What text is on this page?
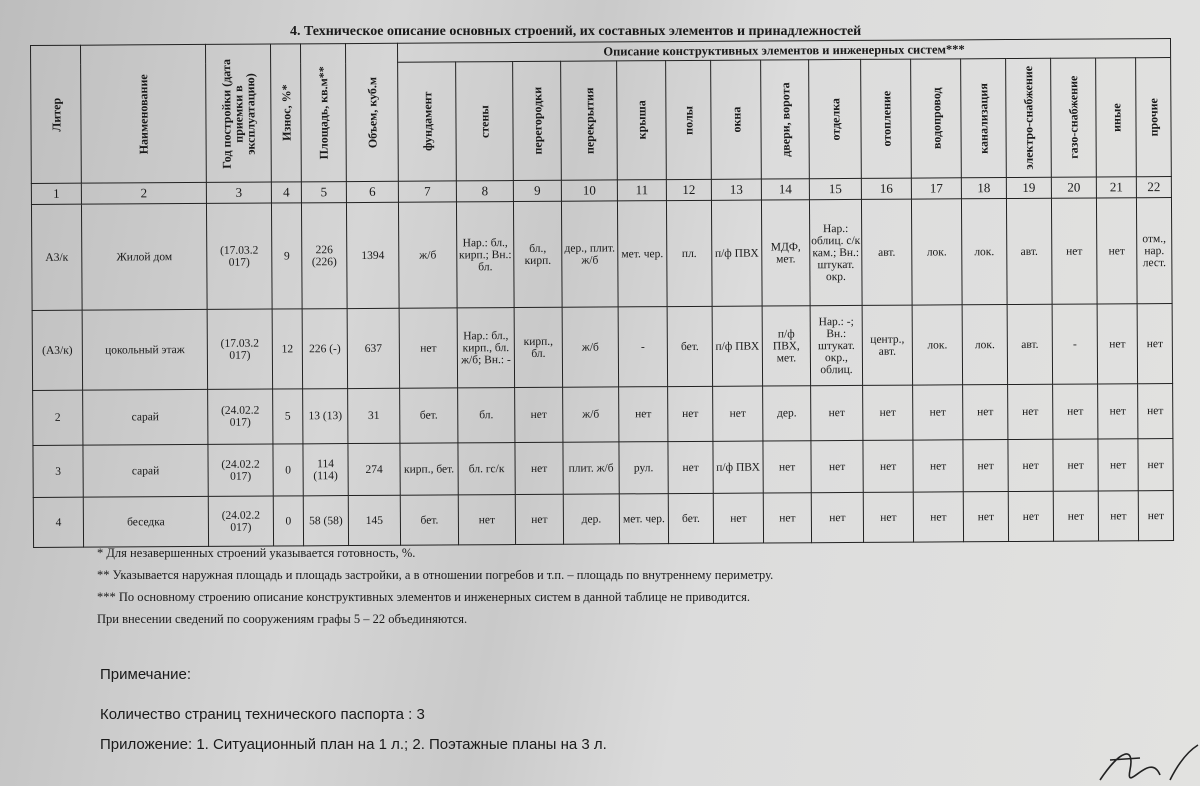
4. Техническое описание основных строений, их составных элементов и принадлежностей
Литер	Наименование	Год постройки (дата приемки в эксплуатацию)	Износ, %*	Площадь, кв.м**	Объем, куб.м	Описание конструктивных элементов и инженерных систем***															

						фундамент	стены	перегородки	перекрытия	крыша	полы	окна	двери, ворота	отделка	отопление	водопровод	канализация	электро-снабжение	газо-снабжение	иные	прочие

1	2	3	4	5	6	7	8	9	10	11	12	13	14	15	16	17	18	19	20	21	22
А3/к	Жилой дом	(17.03.2 017)	9	226 (226)	1394	ж/б	Нар.: бл., кирп.; Вн.: бл.	бл., кирп.	дер., плит. ж/б	мет. чер.	пл.	п/ф ПВХ	МДФ, мет.	Нар.: облиц. с/к кам.; Вн.: штукат. окр.	авт.	лок.	лок.	авт.	нет	нет	отм., нар. лест.
(А3/к)	цокольный этаж	(17.03.2 017)	12	226 (-)	637	нет	Нар.: бл., кирп., бл. ж/б; Вн.: -	кирп., бл.	ж/б	-	бет.	п/ф ПВХ	п/ф ПВХ, мет.	Нар.: -; Вн.: штукат. окр., облиц.	центр., авт.	лок.	лок.	авт.	-	нет	нет
2	сарай	(24.02.2 017)	5	13 (13)	31	бет.	бл.	нет	ж/б	нет	нет	нет	дер.	нет	нет	нет	нет	нет	нет	нет	нет
3	сарай	(24.02.2 017)	0	114 (114)	274	кирп., бет.	бл. гс/к	нет	плит. ж/б	рул.	нет	п/ф ПВХ	нет	нет	нет	нет	нет	нет	нет	нет	нет
4	беседка	(24.02.2 017)	0	58 (58)	145	бет.	нет	нет	дер.	мет. чер.	бет.	нет	нет	нет	нет	нет	нет	нет	нет	нет	нет

* Для незавершенных строений указывается готовность, %.

** Указывается наружная площадь и площадь застройки, а в отношении погребов и т.п. – площадь по внутреннему периметру.

*** По основному строению описание конструктивных элементов и инженерных систем в данной таблице не приводится.

При внесении сведений по сооружениям графы 5 – 22 объединяются.

Примечание:
Количество страниц технического паспорта : 3
Приложение: 1. Ситуационный план на 1 л.; 2. Поэтажные планы на 3 л.
